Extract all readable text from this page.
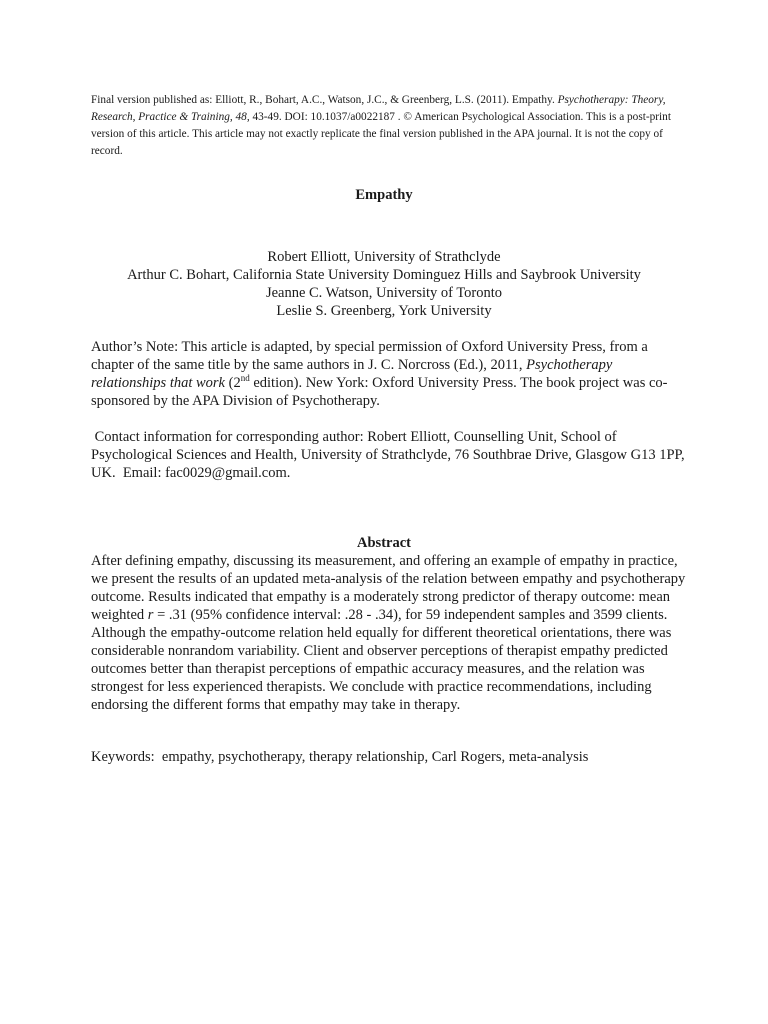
Final version published as: Elliott, R., Bohart, A.C., Watson, J.C., & Greenberg, L.S. (2011). Empathy. Psychotherapy: Theory, Research, Practice & Training, 48, 43-49. DOI: 10.1037/a0022187 . © American Psychological Association. This is a post-print version of this article. This article may not exactly replicate the final version published in the APA journal. It is not the copy of record.

Empathy
Robert Elliott, University of Strathclyde
Arthur C. Bohart, California State University Dominguez Hills and Saybrook University
Jeanne C. Watson, University of Toronto
Leslie S. Greenberg, York University

Author’s Note: This article is adapted, by special permission of Oxford University Press, from a chapter of the same title by the same authors in J. C. Norcross (Ed.), 2011, Psychotherapy relationships that work (2nd edition). New York: Oxford University Press. The book project was co-sponsored by the APA Division of Psychotherapy.

Contact information for corresponding author: Robert Elliott, Counselling Unit, School of Psychological Sciences and Health, University of Strathclyde, 76 Southbrae Drive, Glasgow G13 1PP, UK.  Email: fac0029@gmail.com.

Abstract

After defining empathy, discussing its measurement, and offering an example of empathy in practice, we present the results of an updated meta-analysis of the relation between empathy and psychotherapy outcome. Results indicated that empathy is a moderately strong predictor of therapy outcome: mean weighted r = .31 (95% confidence interval: .28 - .34), for 59 independent samples and 3599 clients. Although the empathy-outcome relation held equally for different theoretical orientations, there was considerable nonrandom variability. Client and observer perceptions of therapist empathy predicted outcomes better than therapist perceptions of empathic accuracy measures, and the relation was strongest for less experienced therapists. We conclude with practice recommendations, including endorsing the different forms that empathy may take in therapy.

Keywords:  empathy, psychotherapy, therapy relationship, Carl Rogers, meta-analysis
